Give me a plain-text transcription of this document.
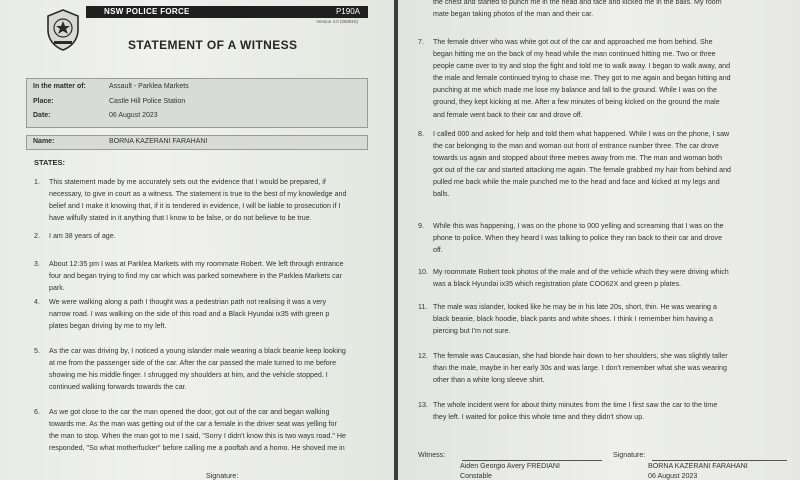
NSW POLICE FORCE	P190A
Version 4.0 (050815)
STATEMENT OF A WITNESS
In the matter of:	Assault - Parklea Markets
Place:	Castle Hill Police Station
Date:	06 August 2023
Name:	BORNA KAZERANI FARAHANI
STATES:
1. This statement made by me accurately sets out the evidence that I would be prepared, if
necessary, to give in court as a witness. The statement is true to the best of my knowledge and
belief and I make it knowing that, if it is tendered in evidence, I will be liable to prosecution if I
have wilfully stated in it anything that I know to be false, or do not believe to be true.
2. I am 38 years of age.
3. About 12:35 pm I was at Parklea Markets with my roommate Robert. We left through entrance
four and began trying to find my car which was parked somewhere in the Parklea Markets car
park.
4. We were walking along a path I thought was a pedestrian path not realising it was a very
narrow road. I was walking on the side of this road and a Black Hyundai ix35 with green p
plates began driving by me to my left.
5. As the car was driving by, I noticed a young islander male wearing a black beanie keep looking
at me from the passenger side of the car. After the car passed the male turned to me before
showing me his middle finger. I shrugged my shoulders at him, and the vehicle stopped. I
continued walking forwards towards the car.
6. As we got close to the car the man opened the door, got out of the car and began walking
towards me. As the man was getting out of the car a female in the driver seat was yelling for
the man to stop. When the man got to me I said, "Sorry I didn't know this is two ways road." He
responded, "So what motherfucker" before calling me a pooftah and a homo. He shoved me in
Signature:
the chest and started to punch me in the head and face and kicked me in the balls. My room
mate began taking photos of the man and their car.
7. The female driver who was white got out of the car and approached me from behind. She
began hitting me on the back of my head while the man continued hitting me. Two or three
people came over to try and stop the fight and told me to walk away. I began to walk away, and
the male and female continued trying to chase me. They got to me again and began hitting and
punching at me which made me lose my balance and fall to the ground. While I was on the
ground, they kept kicking at me. After a few minutes of being kicked on the ground the male
and female went back to their car and drove off.
8. I called 000 and asked for help and told them what happened. While I was on the phone, I saw
the car belonging to the man and woman out front of entrance number three. The car drove
towards us again and stopped about three metres away from me. The man and woman both
got out of the car and started attacking me again. The female grabbed my hair from behind and
pulled me back while the male punched me to the head and face and kicked at my legs and
balls.
9. While this was happening, I was on the phone to 000 yelling and screaming that I was on the
phone to police. When they heard I was talking to police they ran back to their car and drove
off.
10. My roommate Robert took photos of the male and of the vehicle which they were driving which
was a black Hyundai ix35 which registration plate COO62X and green p plates.
11. The male was islander, looked like he may be in his late 20s, short, thin. He was wearing a
black beanie, black hoodie, black pants and white shoes. I think I remember him having a
piercing but I'm not sure.
12. The female was Caucasian, she had blonde hair down to her shoulders, she was slightly taller
than the male, maybe in her early 30s and was large. I don't remember what she was wearing
other than a white long sleeve shirt.
13. The whole incident went for about thirty minutes from the time I first saw the car to the time
they left. I waited for police this whole time and they didn't show up.
Witness:
Aiden Georgio Avery FREDIANI
Constable
Signature:
BORNA KAZERANI FARAHANI
06 August 2023
